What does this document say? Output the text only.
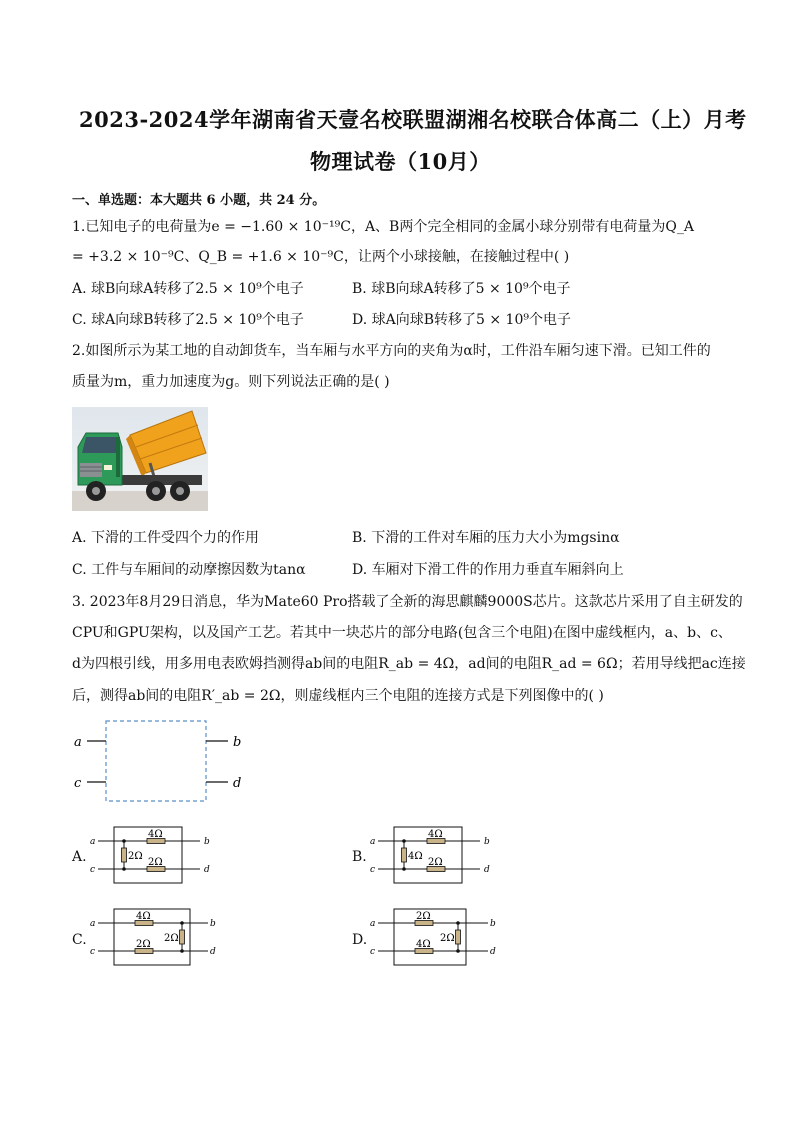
2023-2024学年湖南省天壹名校联盟湖湘名校联合体高二（上）月考
物理试卷（10月）
一、单选题：本大题共 6 小题，共 24 分。
1.已知电子的电荷量为e = −1.60 × 10⁻¹⁹C，A、B两个完全相同的金属小球分别带有电荷量为Q_A
= +3.2 × 10⁻⁹C、Q_B = +1.6 × 10⁻⁹C，让两个小球接触，在接触过程中( )
A. 球B向球A转移了2.5 × 10⁹个电子	B. 球B向球A转移了5 × 10⁹个电子
C. 球A向球B转移了2.5 × 10⁹个电子	D. 球A向球B转移了5 × 10⁹个电子
2.如图所示为某工地的自动卸货车，当车厢与水平方向的夹角为α时，工件沿车厢匀速下滑。已知工件的
质量为m，重力加速度为g。则下列说法正确的是( )
A. 下滑的工件受四个力的作用	B. 下滑的工件对车厢的压力大小为mgsinα
C. 工件与车厢间的动摩擦因数为tanα	D. 车厢对下滑工件的作用力垂直车厢斜向上
3. 2023年8月29日消息，华为Mate60 Pro搭载了全新的海思麒麟9000S芯片。这款芯片采用了自主研发的
CPU和GPU架构，以及国产工艺。若其中一块芯片的部分电路(包含三个电阻)在图中虚线框内，a、b、c、
d为四根引线，用多用电表欧姆挡测得ab间的电阻R_ab = 4Ω，ad间的电阻R_ad = 6Ω；若用导线把ac连接
后，测得ab间的电阻R′_ab = 2Ω，则虚线框内三个电阻的连接方式是下列图像中的( )
a	b
c	d
A.
4Ω
2Ω
2Ω
a	b
c	d
B.
4Ω
2Ω
4Ω
a	b
c	d
C.
4Ω
2Ω
2Ω
a	b
c	d
D.
2Ω
4Ω
2Ω
a	b
c	d
